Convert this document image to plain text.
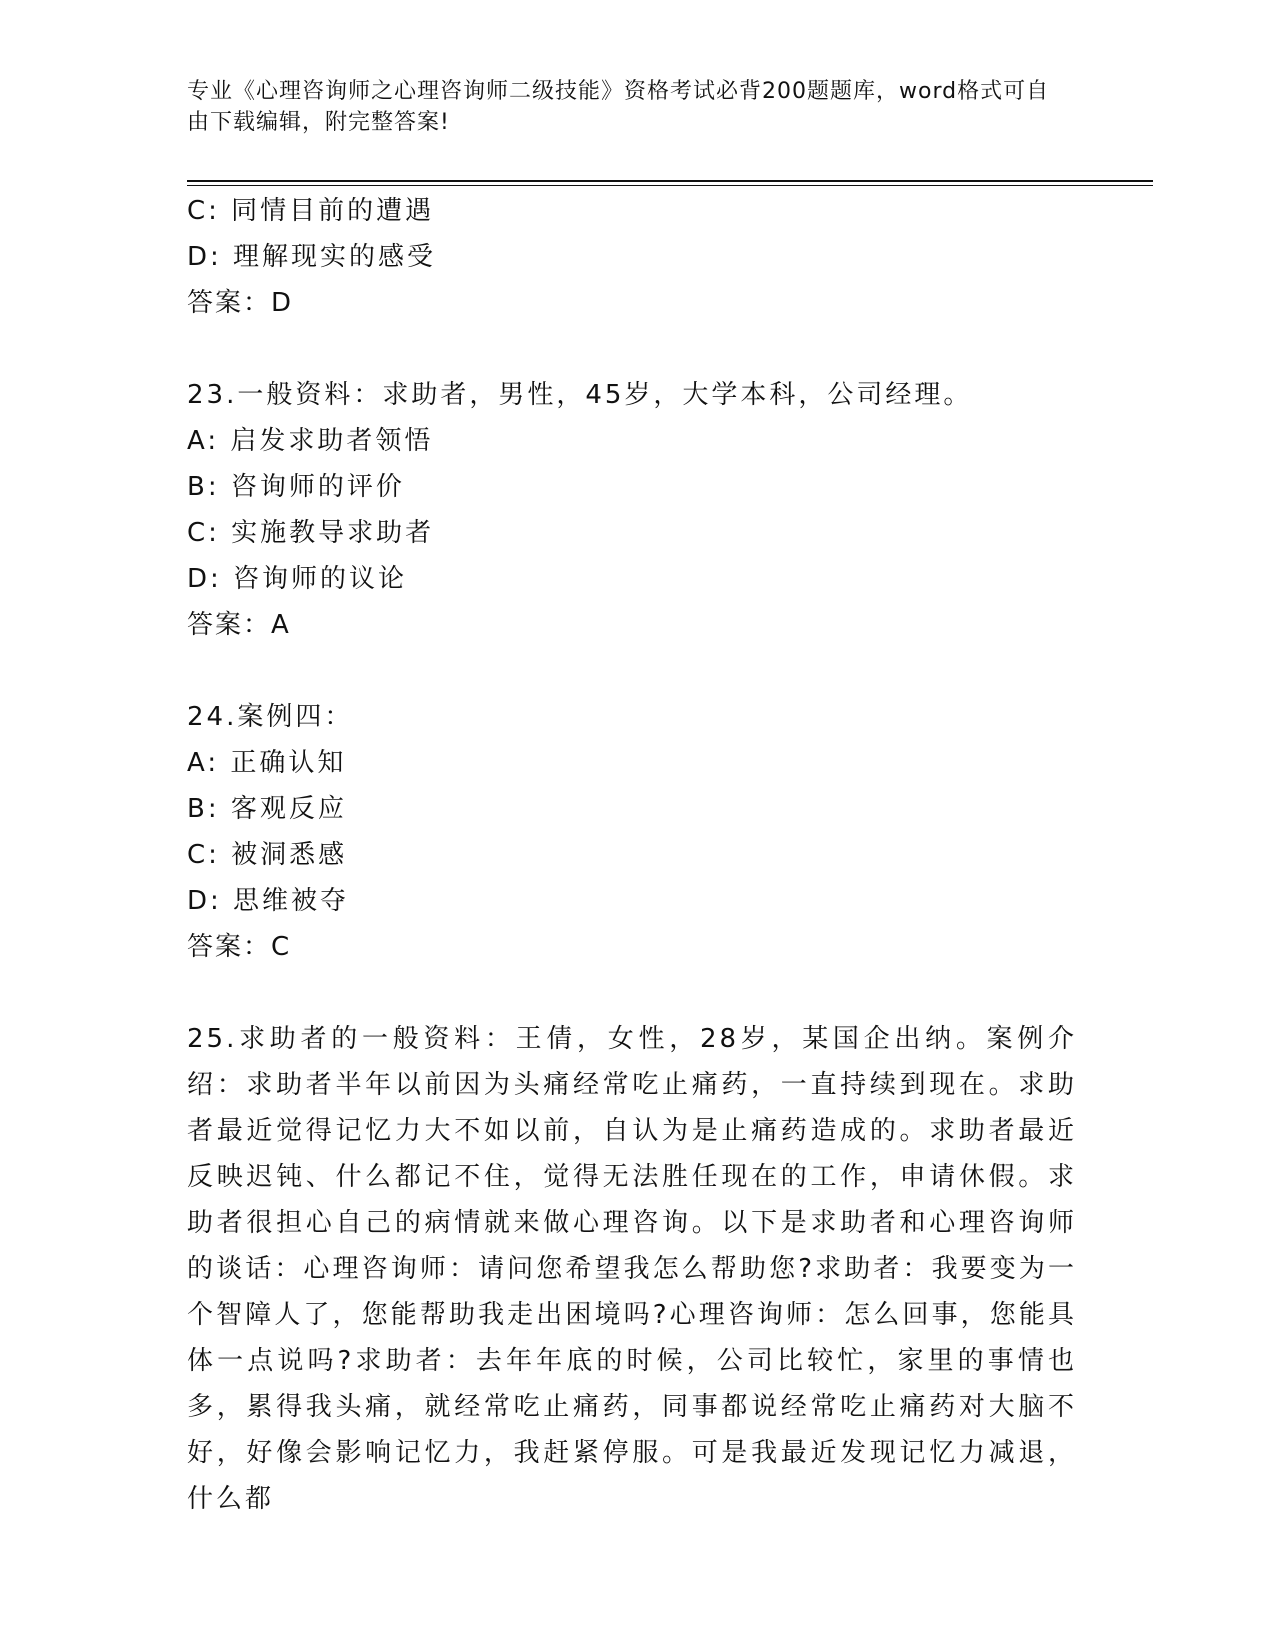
专业《心理咨询师之心理咨询师二级技能》资格考试必背200题题库，word格式可自由下载编辑，附完整答案!
C: 同情目前的遭遇
D: 理解现实的感受
答案：D
23.一般资料：求助者，男性，45岁，大学本科，公司经理。
A: 启发求助者领悟
B: 咨询师的评价
C: 实施教导求助者
D: 咨询师的议论
答案：A
24.案例四：
A: 正确认知
B: 客观反应
C: 被洞悉感
D: 思维被夺
答案：C
25.求助者的一般资料：王倩，女性，28岁，某国企出纳。案例介绍：求助者半年以前因为头痛经常吃止痛药，一直持续到现在。求助者最近觉得记忆力大不如以前，自认为是止痛药造成的。求助者最近反映迟钝、什么都记不住，觉得无法胜任现在的工作，申请休假。求助者很担心自己的病情就来做心理咨询。以下是求助者和心理咨询师的谈话：心理咨询师：请问您希望我怎么帮助您?求助者：我要变为一个智障人了，您能帮助我走出困境吗?心理咨询师：怎么回事，您能具体一点说吗?求助者：去年年底的时候，公司比较忙，家里的事情也多，累得我头痛，就经常吃止痛药，同事都说经常吃止痛药对大脑不好，好像会影响记忆力，我赶紧停服。可是我最近发现记忆力减退，什么都
